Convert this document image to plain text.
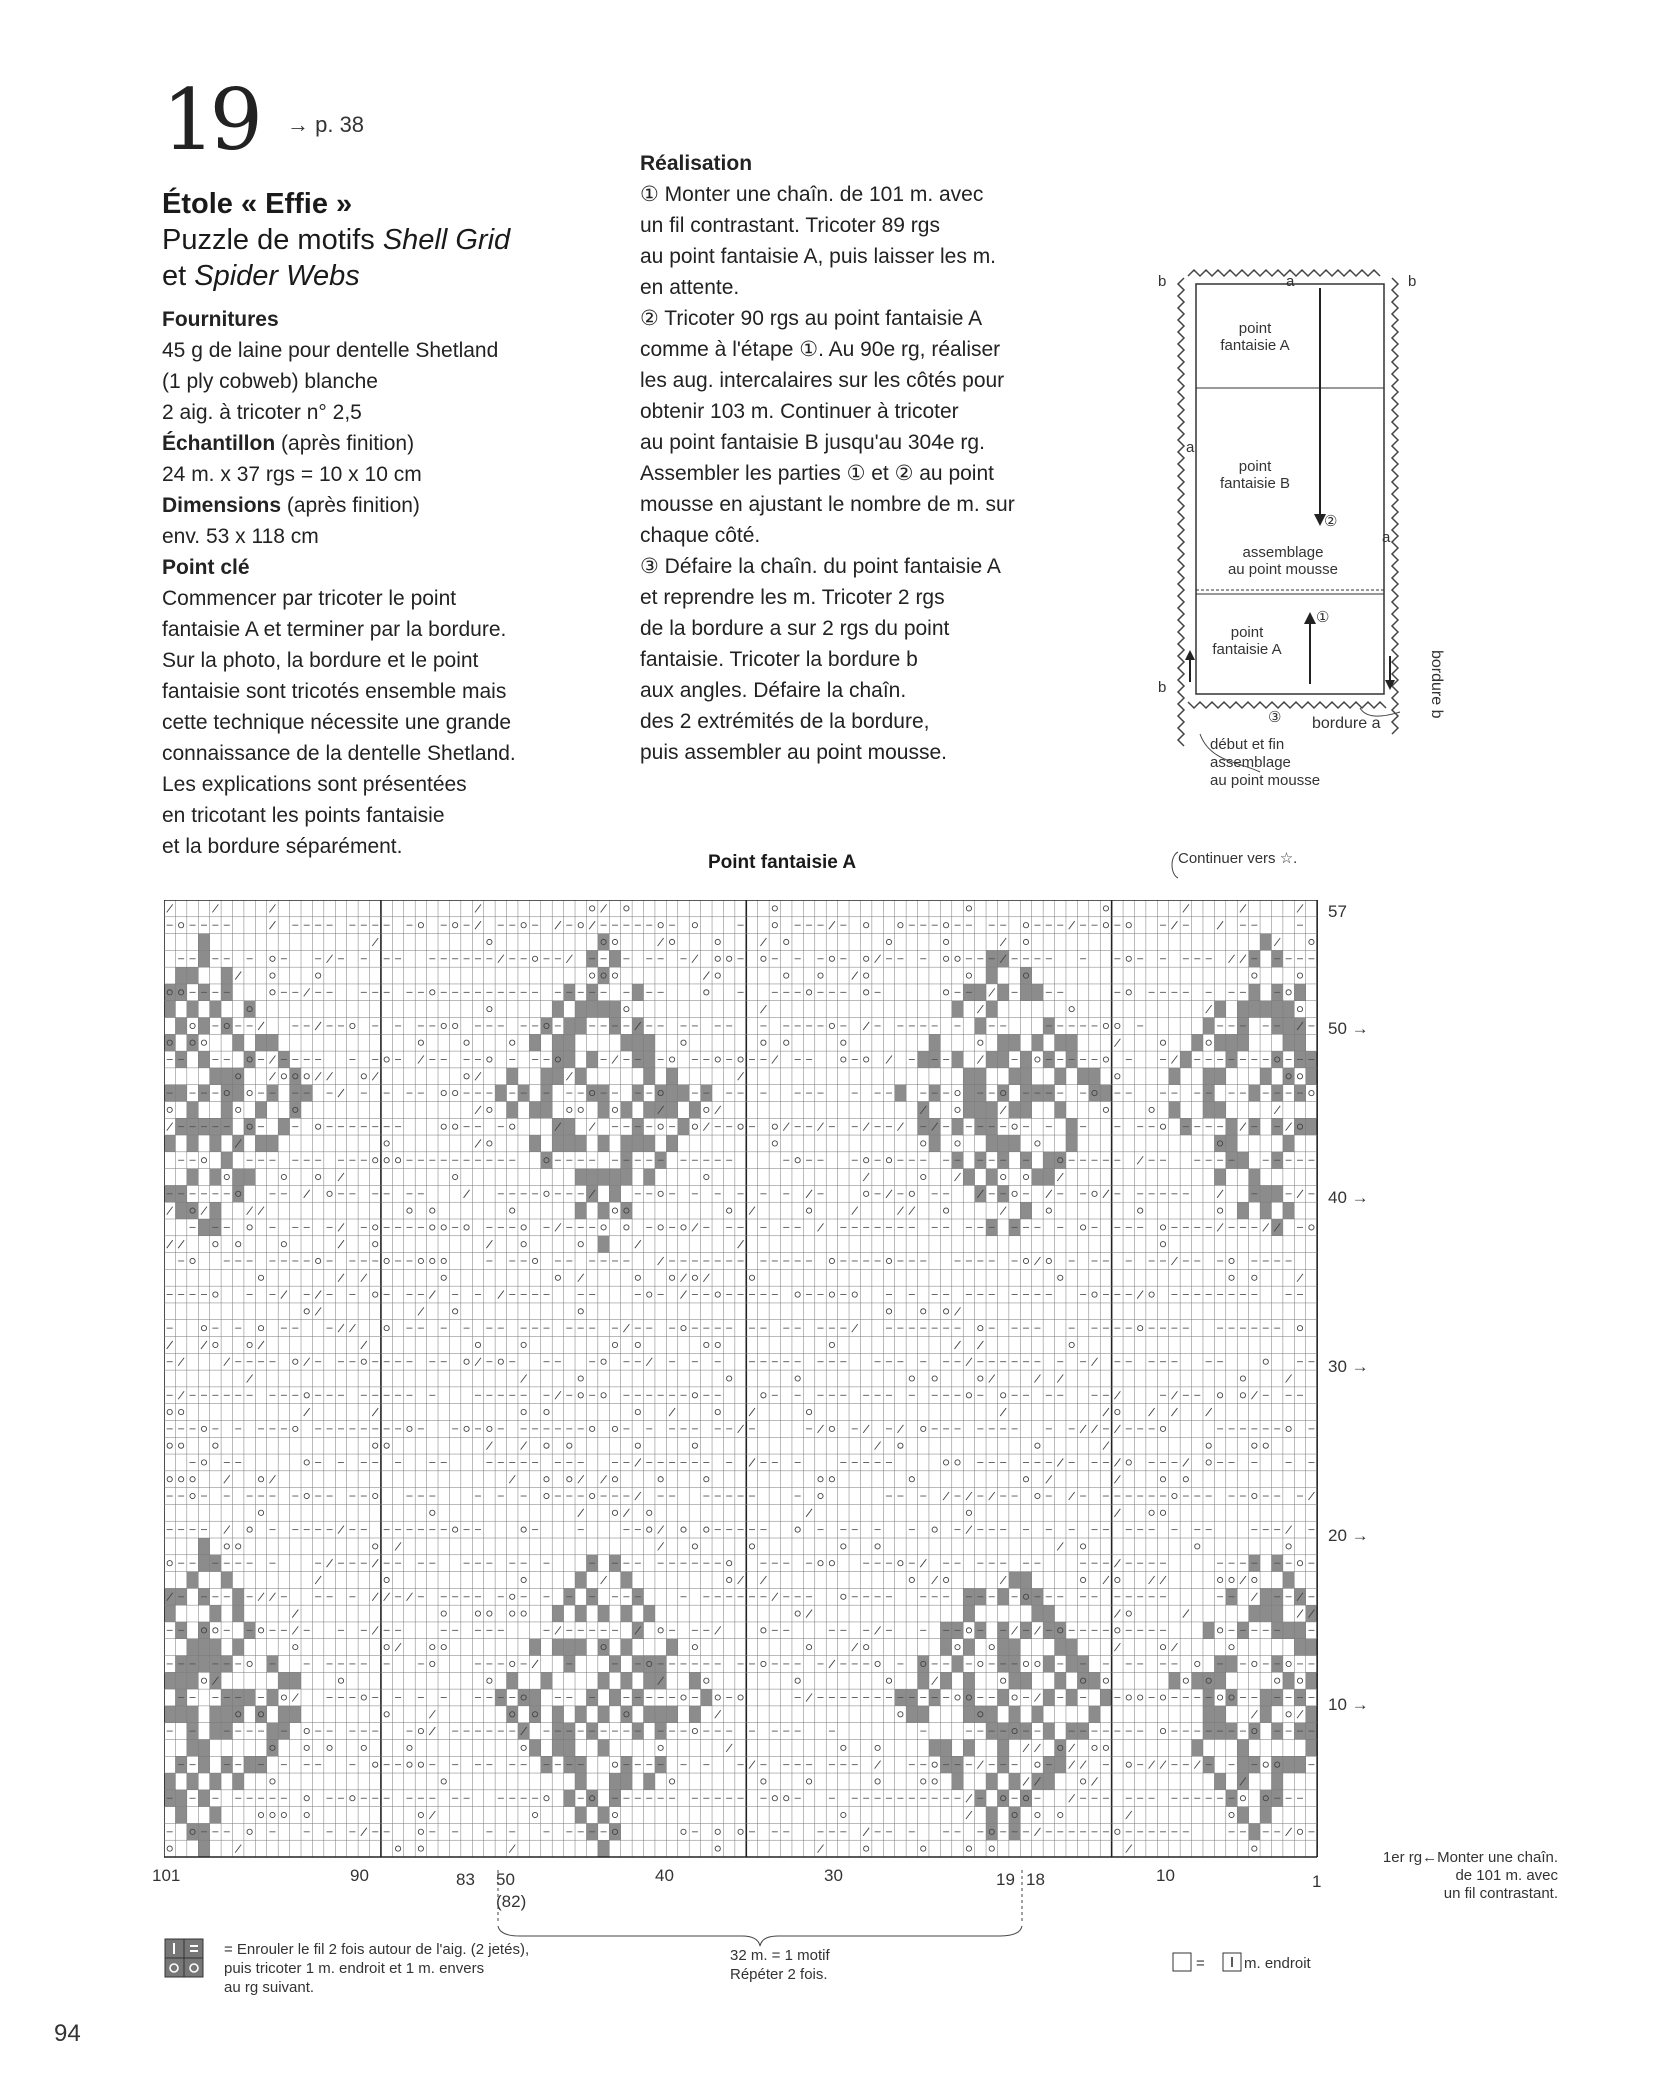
19 → p. 38
Étole « Effie »
Puzzle de motifs Shell Grid
et Spider Webs
Fournitures
45 g de laine pour dentelle Shetland
(1 ply cobweb) blanche
2 aig. à tricoter n° 2,5
Échantillon (après finition)
24 m. x 37 rgs = 10 x 10 cm
Dimensions (après finition)
env. 53 x 118 cm
Point clé
Commencer par tricoter le point
fantaisie A et terminer par la bordure.
Sur la photo, la bordure et le point
fantaisie sont tricotés ensemble mais
cette technique nécessite une grande
connaissance de la dentelle Shetland.
Les explications sont présentées
en tricotant les points fantaisie
et la bordure séparément.
Réalisation
① Monter une chaîn. de 101 m. avec
un fil contrastant. Tricoter 89 rgs
au point fantaisie A, puis laisser les m.
en attente.
② Tricoter 90 rgs au point fantaisie A
comme à l'étape ①. Au 90e rg, réaliser
les aug. intercalaires sur les côtés pour
obtenir 103 m. Continuer à tricoter
au point fantaisie B jusqu'au 304e rg.
Assembler les parties ① et ② au point
mousse en ajustant le nombre de m. sur
chaque côté.
③ Défaire la chaîn. du point fantaisie A
et reprendre les m. Tricoter 2 rgs
de la bordure a sur 2 rgs du point
fantaisie. Tricoter la bordure b
aux angles. Défaire la chaîn.
des 2 extrémités de la bordure,
puis assembler au point mousse.
b	b
a
a
a
b
②
①
③ bordure a
bordure b
point
fantaisie A
point
fantaisie B
assemblage
au point mousse
point
fantaisie A
début et fin
assemblage
au point mousse
Point fantaisie A	Continuer vers ☆.
57
50 →
40 →
30 →
20 →
10 →
1er rg←Monter une chaîn.
de 101 m. avec
un fil contrastant.
101	90	83 50
(82)
40	30	19 18	10	1
32 m. = 1 motif
Répéter 2 fois.
= Enrouler le fil 2 fois autour de l'aig. (2 jetés),
puis tricoter 1 m. endroit et 1 m. envers
au rg suivant.
=	m. endroit
94
